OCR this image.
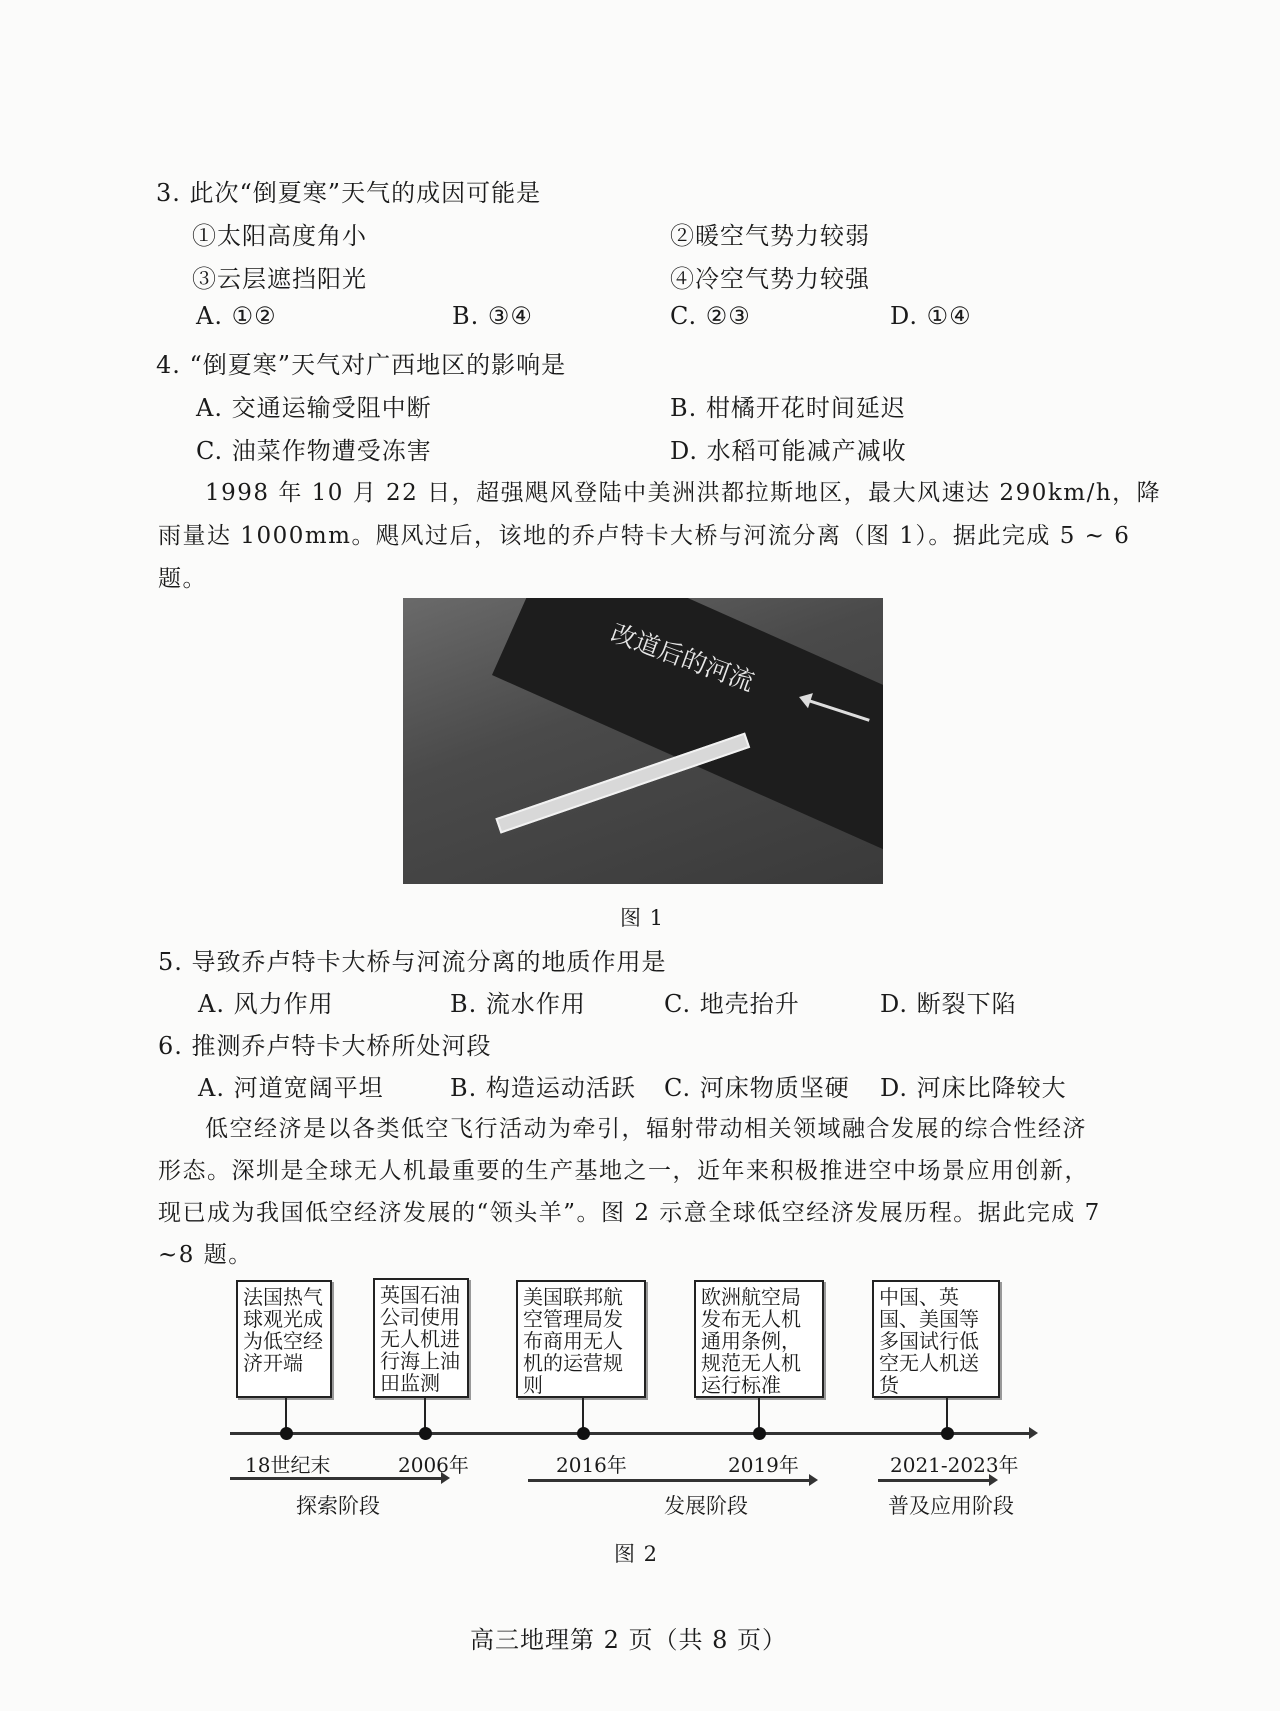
3. 此次“倒夏寒”天气的成因可能是
①太阳高度角小	②暖空气势力较弱
③云层遮挡阳光	④冷空气势力较强
A. ①②	B. ③④	C. ②③	D. ①④
4. “倒夏寒”天气对广西地区的影响是
A. 交通运输受阻中断	B. 柑橘开花时间延迟
C. 油菜作物遭受冻害	D. 水稻可能减产减收
1998 年 10 月 22 日，超强飓风登陆中美洲洪都拉斯地区，最大风速达 290km/h，降
雨量达 1000mm。飓风过后，该地的乔卢特卡大桥与河流分离（图 1）。据此完成 5 ~ 6
题。
改道后的河流
图 1
5. 导致乔卢特卡大桥与河流分离的地质作用是
A. 风力作用	B. 流水作用	C. 地壳抬升	D. 断裂下陷
6. 推测乔卢特卡大桥所处河段
A. 河道宽阔平坦	B. 构造运动活跃 C. 河床物质坚硬 D. 河床比降较大
低空经济是以各类低空飞行活动为牵引，辐射带动相关领域融合发展的综合性经济
形态。深圳是全球无人机最重要的生产基地之一，近年来积极推进空中场景应用创新，
现已成为我国低空经济发展的“领头羊”。图 2 示意全球低空经济发展历程。据此完成 7
~8 题。
法国热气球观光成为低空经济开端
英国石油公司使用无人机进行海上油田监测
美国联邦航空管理局发布商用无人机的运营规则
欧洲航空局发布无人机通用条例，规范无人机运行标准
中国、英国、美国等多国试行低空无人机送货
18世纪末	2006年	2016年	2019年	2021-2023年
探索阶段	发展阶段	普及应用阶段
图 2
高三地理第 2 页（共 8 页）
